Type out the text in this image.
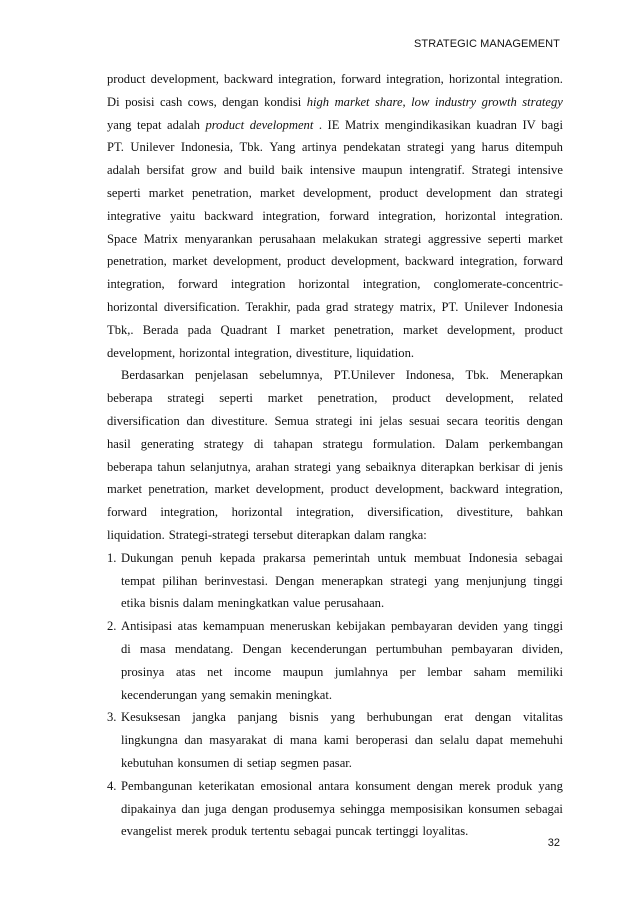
STRATEGIC MANAGEMENT
product development, backward integration, forward integration, horizontal integration.
Di posisi cash cows, dengan kondisi high market share, low industry growth strategy
yang tepat adalah product development . IE Matrix mengindikasikan kuadran IV bagi
PT. Unilever Indonesia, Tbk. Yang artinya pendekatan strategi yang harus ditempuh
adalah bersifat grow and build baik intensive maupun intengratif. Strategi intensive
seperti market penetration, market development, product development dan strategi
integrative yaitu backward integration, forward integration, horizontal integration.
Space Matrix menyarankan perusahaan melakukan strategi aggressive seperti market
penetration, market development, product development, backward integration, forward
integration, forward integration horizontal integration, conglomerate-concentric-
horizontal diversification. Terakhir, pada grad strategy matrix, PT. Unilever Indonesia
Tbk,. Berada pada Quadrant I market penetration, market development, product
development, horizontal integration, divestiture, liquidation.
Berdasarkan penjelasan sebelumnya, PT.Unilever Indonesa, Tbk. Menerapkan
beberapa strategi seperti market penetration, product development, related
diversification dan divestiture. Semua strategi ini jelas sesuai secara teoritis dengan
hasil generating strategy di tahapan strategu formulation. Dalam perkembangan
beberapa tahun selanjutnya, arahan strategi yang sebaiknya diterapkan berkisar di jenis
market penetration, market development, product development, backward integration,
forward integration, horizontal integration, diversification, divestiture, bahkan
liquidation. Strategi-strategi tersebut diterapkan dalam rangka:
1. Dukungan penuh kepada prakarsa pemerintah untuk membuat Indonesia sebagai
tempat pilihan berinvestasi. Dengan menerapkan strategi yang menjunjung tinggi
etika bisnis dalam meningkatkan value perusahaan.
2. Antisipasi atas kemampuan meneruskan kebijakan pembayaran deviden yang tinggi
di masa mendatang. Dengan kecenderungan pertumbuhan pembayaran dividen,
prosinya atas net income maupun jumlahnya per lembar saham memiliki
kecenderungan yang semakin meningkat.
3. Kesuksesan jangka panjang bisnis yang berhubungan erat dengan vitalitas
lingkungna dan masyarakat di mana kami beroperasi dan selalu dapat memehuhi
kebutuhan konsumen di setiap segmen pasar.
4. Pembangunan keterikatan emosional antara konsument dengan merek produk yang
dipakainya dan juga dengan produsemya sehingga memposisikan konsumen sebagai
evangelist merek produk tertentu sebagai puncak tertinggi loyalitas.
32
